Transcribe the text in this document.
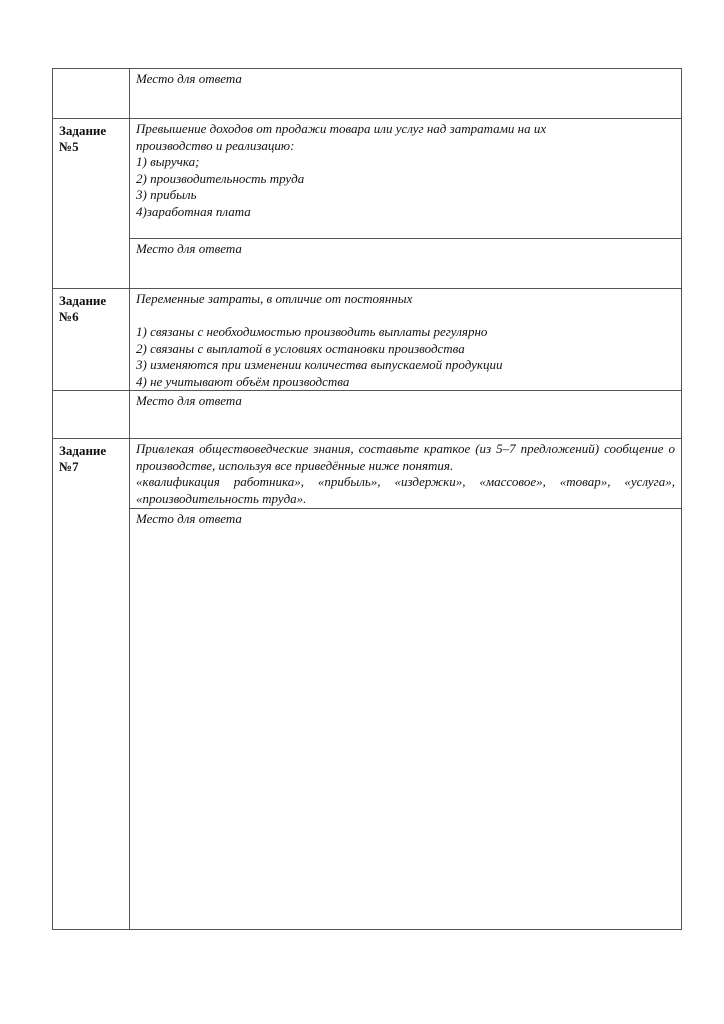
Место для ответа
Задание
№5
Превышение доходов от продажи товара или услуг над затратами на их
производство и реализацию:
1) выручка;
2) производительность труда
3) прибыль
4)заработная плата
Место для ответа
Задание
№6
Переменные затраты, в отличие от постоянных
1) связаны с необходимостью производить выплаты регулярно
2) связаны с выплатой в условиях остановки производства
3) изменяются при изменении количества выпускаемой продукции
4) не учитывают объём производства
Место для ответа
Задание
№7
Привлекая обществоведческие знания, составьте краткое (из 5–7 предложений) сообщение о производстве, используя все приведённые ниже понятия.
«квалификация работника», «прибыль», «издержки», «массовое», «товар», «услуга», «производительность труда».
Место для ответа
